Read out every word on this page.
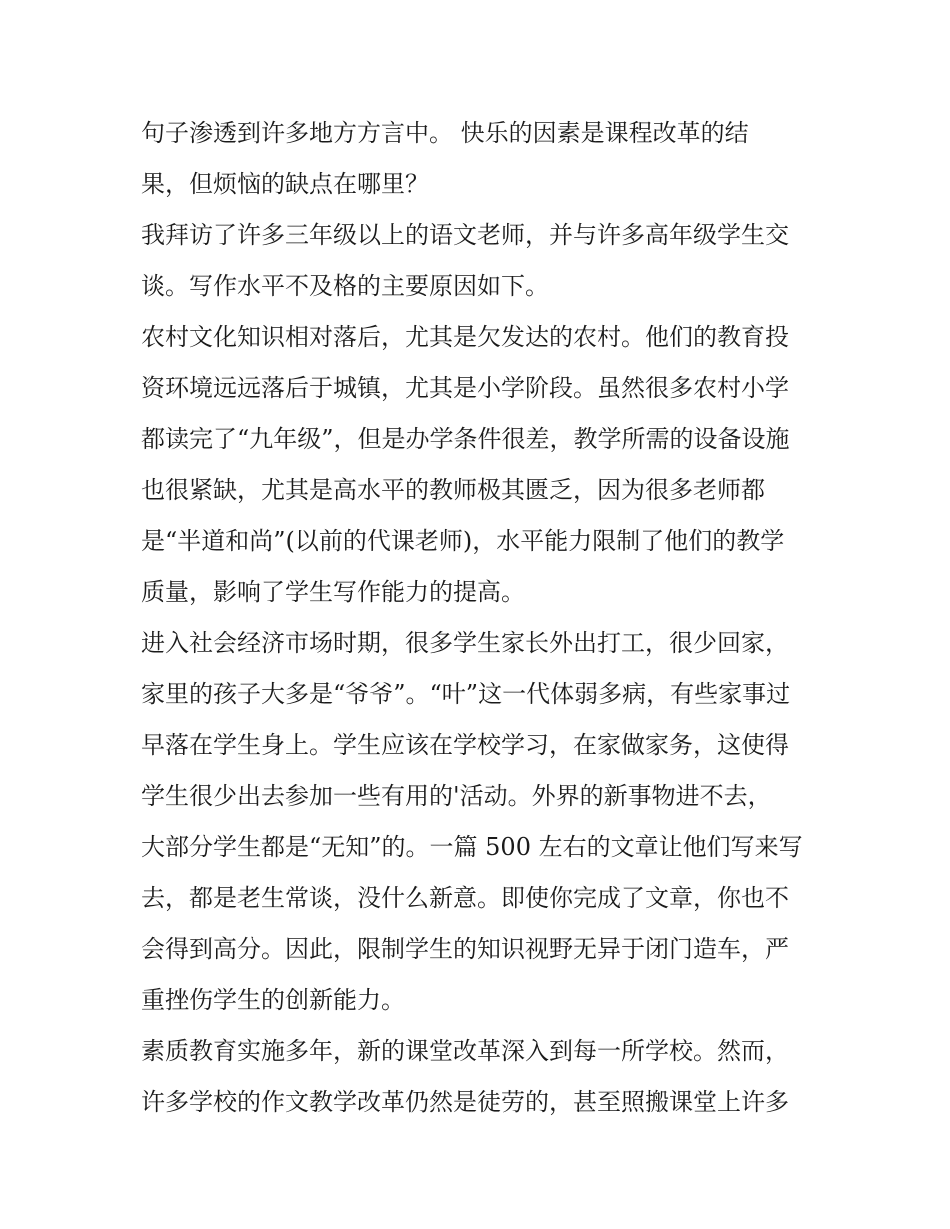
句子渗透到许多地方方言中。 快乐的因素是课程改革的结
果，但烦恼的缺点在哪里？
我拜访了许多三年级以上的语文老师，并与许多高年级学生交
谈。写作水平不及格的主要原因如下。
农村文化知识相对落后，尤其是欠发达的农村。他们的教育投
资环境远远落后于城镇，尤其是小学阶段。虽然很多农村小学
都读完了“九年级”，但是办学条件很差，教学所需的设备设施
也很紧缺，尤其是高水平的教师极其匮乏，因为很多老师都
是“半道和尚”(以前的代课老师)，水平能力限制了他们的教学
质量，影响了学生写作能力的提高。
进入社会经济市场时期，很多学生家长外出打工，很少回家，
家里的孩子大多是“爷爷”。“叶”这一代体弱多病，有些家事过
早落在学生身上。学生应该在学校学习，在家做家务，这使得
学生很少出去参加一些有用的'活动。外界的新事物进不去，
大部分学生都是“无知”的。一篇 500 左右的文章让他们写来写
去，都是老生常谈，没什么新意。即使你完成了文章，你也不
会得到高分。因此，限制学生的知识视野无异于闭门造车，严
重挫伤学生的创新能力。
素质教育实施多年，新的课堂改革深入到每一所学校。然而，
许多学校的作文教学改革仍然是徒劳的，甚至照搬课堂上许多
